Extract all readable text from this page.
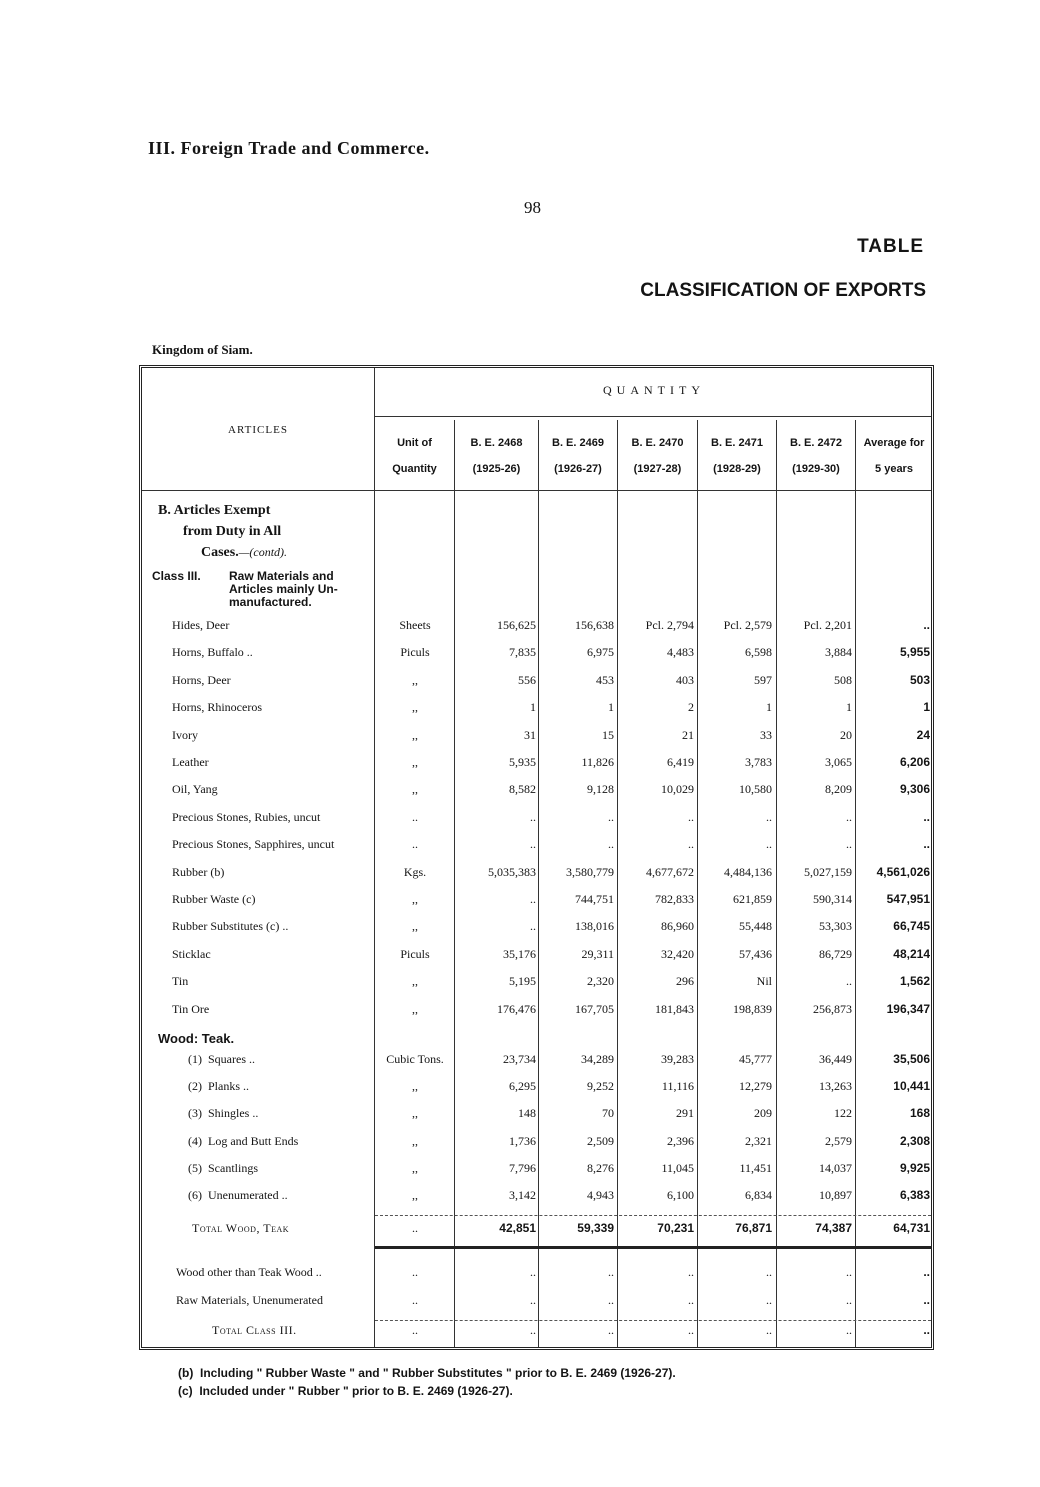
III. Foreign Trade and Commerce.
98
TABLE
CLASSIFICATION OF EXPORTS
Kingdom of Siam.
QUANTITY
ARTICLES
Unit of
Quantity
B. E. 2468
(1925-26)
B. E. 2469
(1926-27)
B. E. 2470
(1927-28)
B. E. 2471
(1928-29)
B. E. 2472
(1929-30)
Average for
5 years
B. Articles Exempt
from Duty in All
Cases.—(contd).
Class III. Raw Materials and
Articles mainly Un-
manufactured.
Hides, Deer	Sheets	156,625	156,638	Pcl. 2,794	Pcl. 2,579	Pcl. 2,201	..
Horns, Buffalo ..	Piculs	7,835	6,975	4,483	6,598	3,884	5,955
Horns, Deer	,,	556	453	403	597	508	503
Horns, Rhinoceros	,,	1	1	2	1	1	1
Ivory	,,	31	15	21	33	20	24
Leather	,,	5,935	11,826	6,419	3,783	3,065	6,206
Oil, Yang	,,	8,582	9,128	10,029	10,580	8,209	9,306
Precious Stones, Rubies, uncut	..	..	..	..	..	..	..
Precious Stones, Sapphires, uncut	..	..	..	..	..	..	..
Rubber (b)	Kgs.	5,035,383	3,580,779	4,677,672	4,484,136	5,027,159	4,561,026
Rubber Waste (c)	,,	..	744,751	782,833	621,859	590,314	547,951
Rubber Substitutes (c) ..	,,	..	138,016	86,960	55,448	53,303	66,745
Sticklac	Piculs	35,176	29,311	32,420	57,436	86,729	48,214
Tin	,,	5,195	2,320	296	Nil	..	1,562
Tin Ore	,,	176,476	167,705	181,843	198,839	256,873	196,347
Wood: Teak.
(1) Squares ..	Cubic Tons.	23,734	34,289	39,283	45,777	36,449	35,506
(2) Planks ..	,,	6,295	9,252	11,116	12,279	13,263	10,441
(3) Shingles ..	,,	148	70	291	209	122	168
(4) Log and Butt Ends	,,	1,736	2,509	2,396	2,321	2,579	2,308
(5) Scantlings	,,	7,796	8,276	11,045	11,451	14,037	9,925
(6) Unenumerated ..	,,	3,142	4,943	6,100	6,834	10,897	6,383
Total Wood, Teak	..	42,851	59,339	70,231	76,871	74,387	64,731
Wood other than Teak Wood ..	..	..	..	..	..	..	..
Raw Materials, Unenumerated	..	..	..	..	..	..	..
Total Class III.	..	..	..	..	..	..	..
(b)  Including " Rubber Waste " and " Rubber Substitutes " prior to B. E. 2469 (1926-27).
(c)  Included under " Rubber " prior to B. E. 2469 (1926-27).
